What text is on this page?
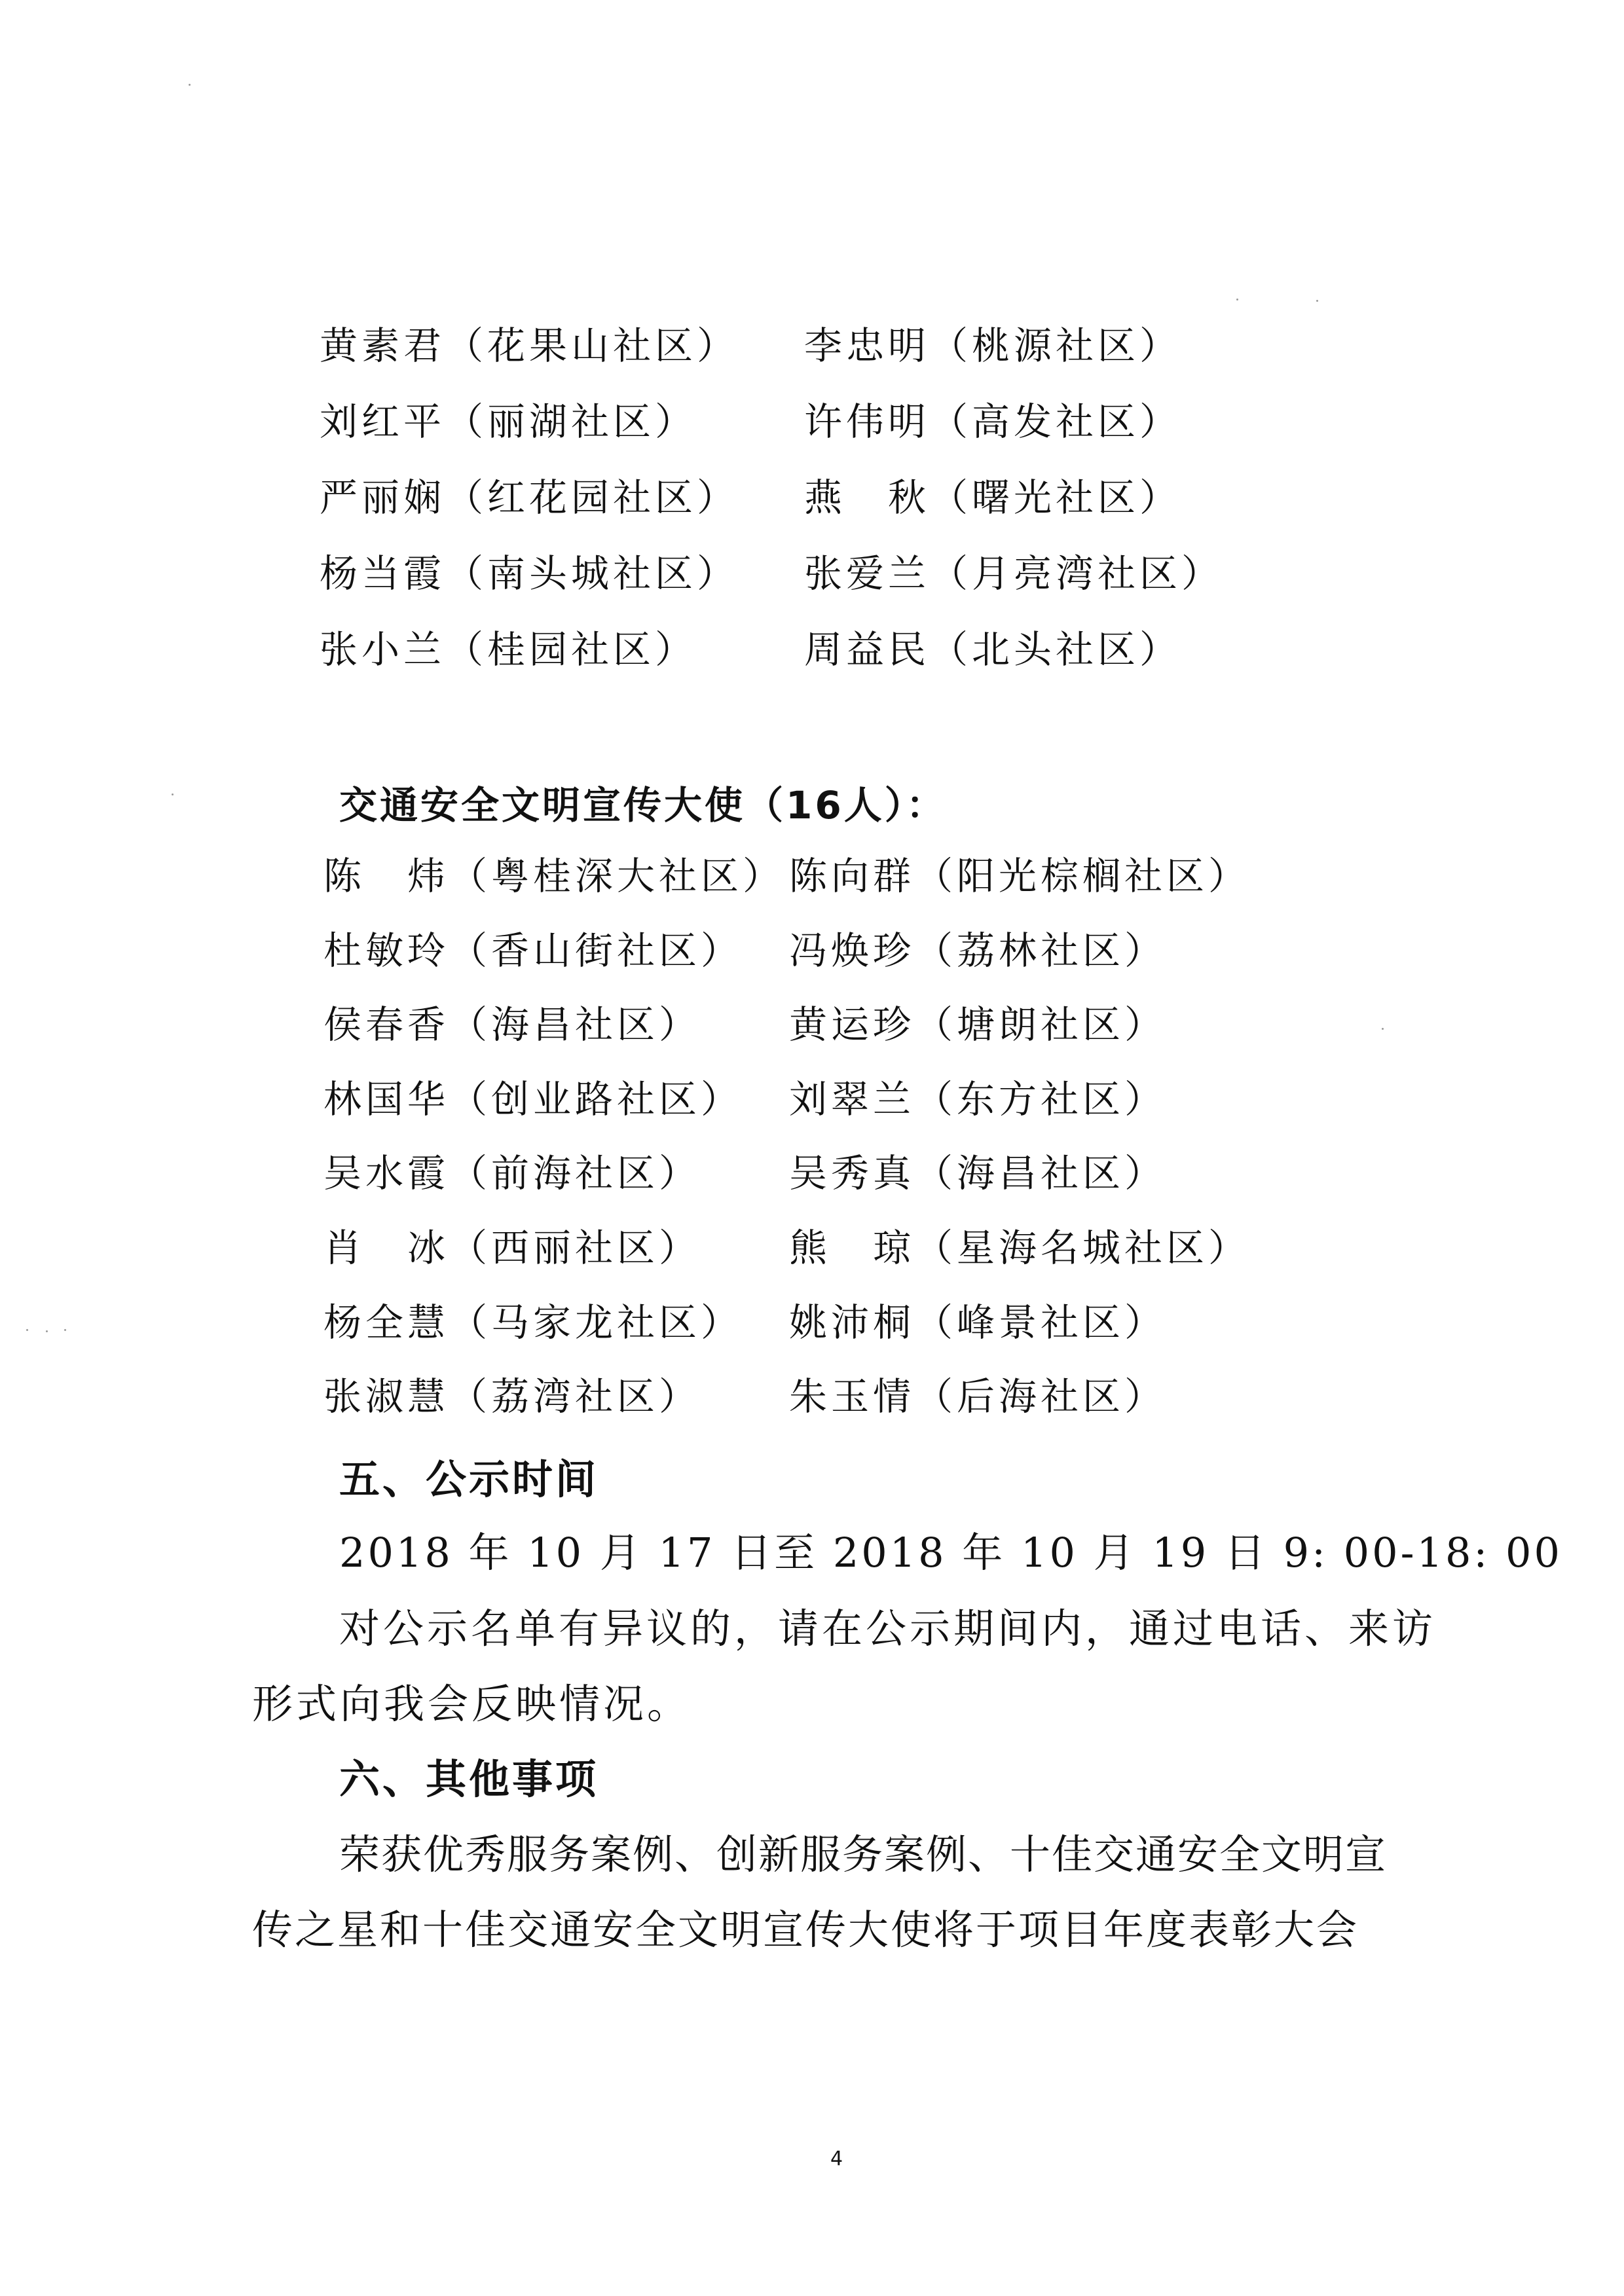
黄素君（花果山社区） 李忠明（桃源社区）
刘红平（丽湖社区）	许伟明（高发社区）
严丽娴（红花园社区） 燕　秋（曙光社区）
杨当霞（南头城社区） 张爱兰（月亮湾社区）
张小兰（桂园社区）	周益民（北头社区）
交通安全文明宣传大使（16人）：
陈　炜（粤桂深大社区） 陈向群（阳光棕榈社区）
杜敏玲（香山街社区） 冯焕珍（荔林社区）
侯春香（海昌社区） 黄运珍（塘朗社区）
林国华（创业路社区） 刘翠兰（东方社区）
吴水霞（前海社区） 吴秀真（海昌社区）
肖　冰（西丽社区） 熊　琼（星海名城社区）
杨全慧（马家龙社区） 姚沛桐（峰景社区）
张淑慧（荔湾社区） 朱玉情（后海社区）
五、公示时间
2018 年 10 月 17 日至 2018 年 10 月 19 日 9: 00-18: 00
对公示名单有异议的，请在公示期间内，通过电话、来访
形式向我会反映情况。
六、其他事项
荣获优秀服务案例、创新服务案例、十佳交通安全文明宣
传之星和十佳交通安全文明宣传大使将于项目年度表彰大会
4
